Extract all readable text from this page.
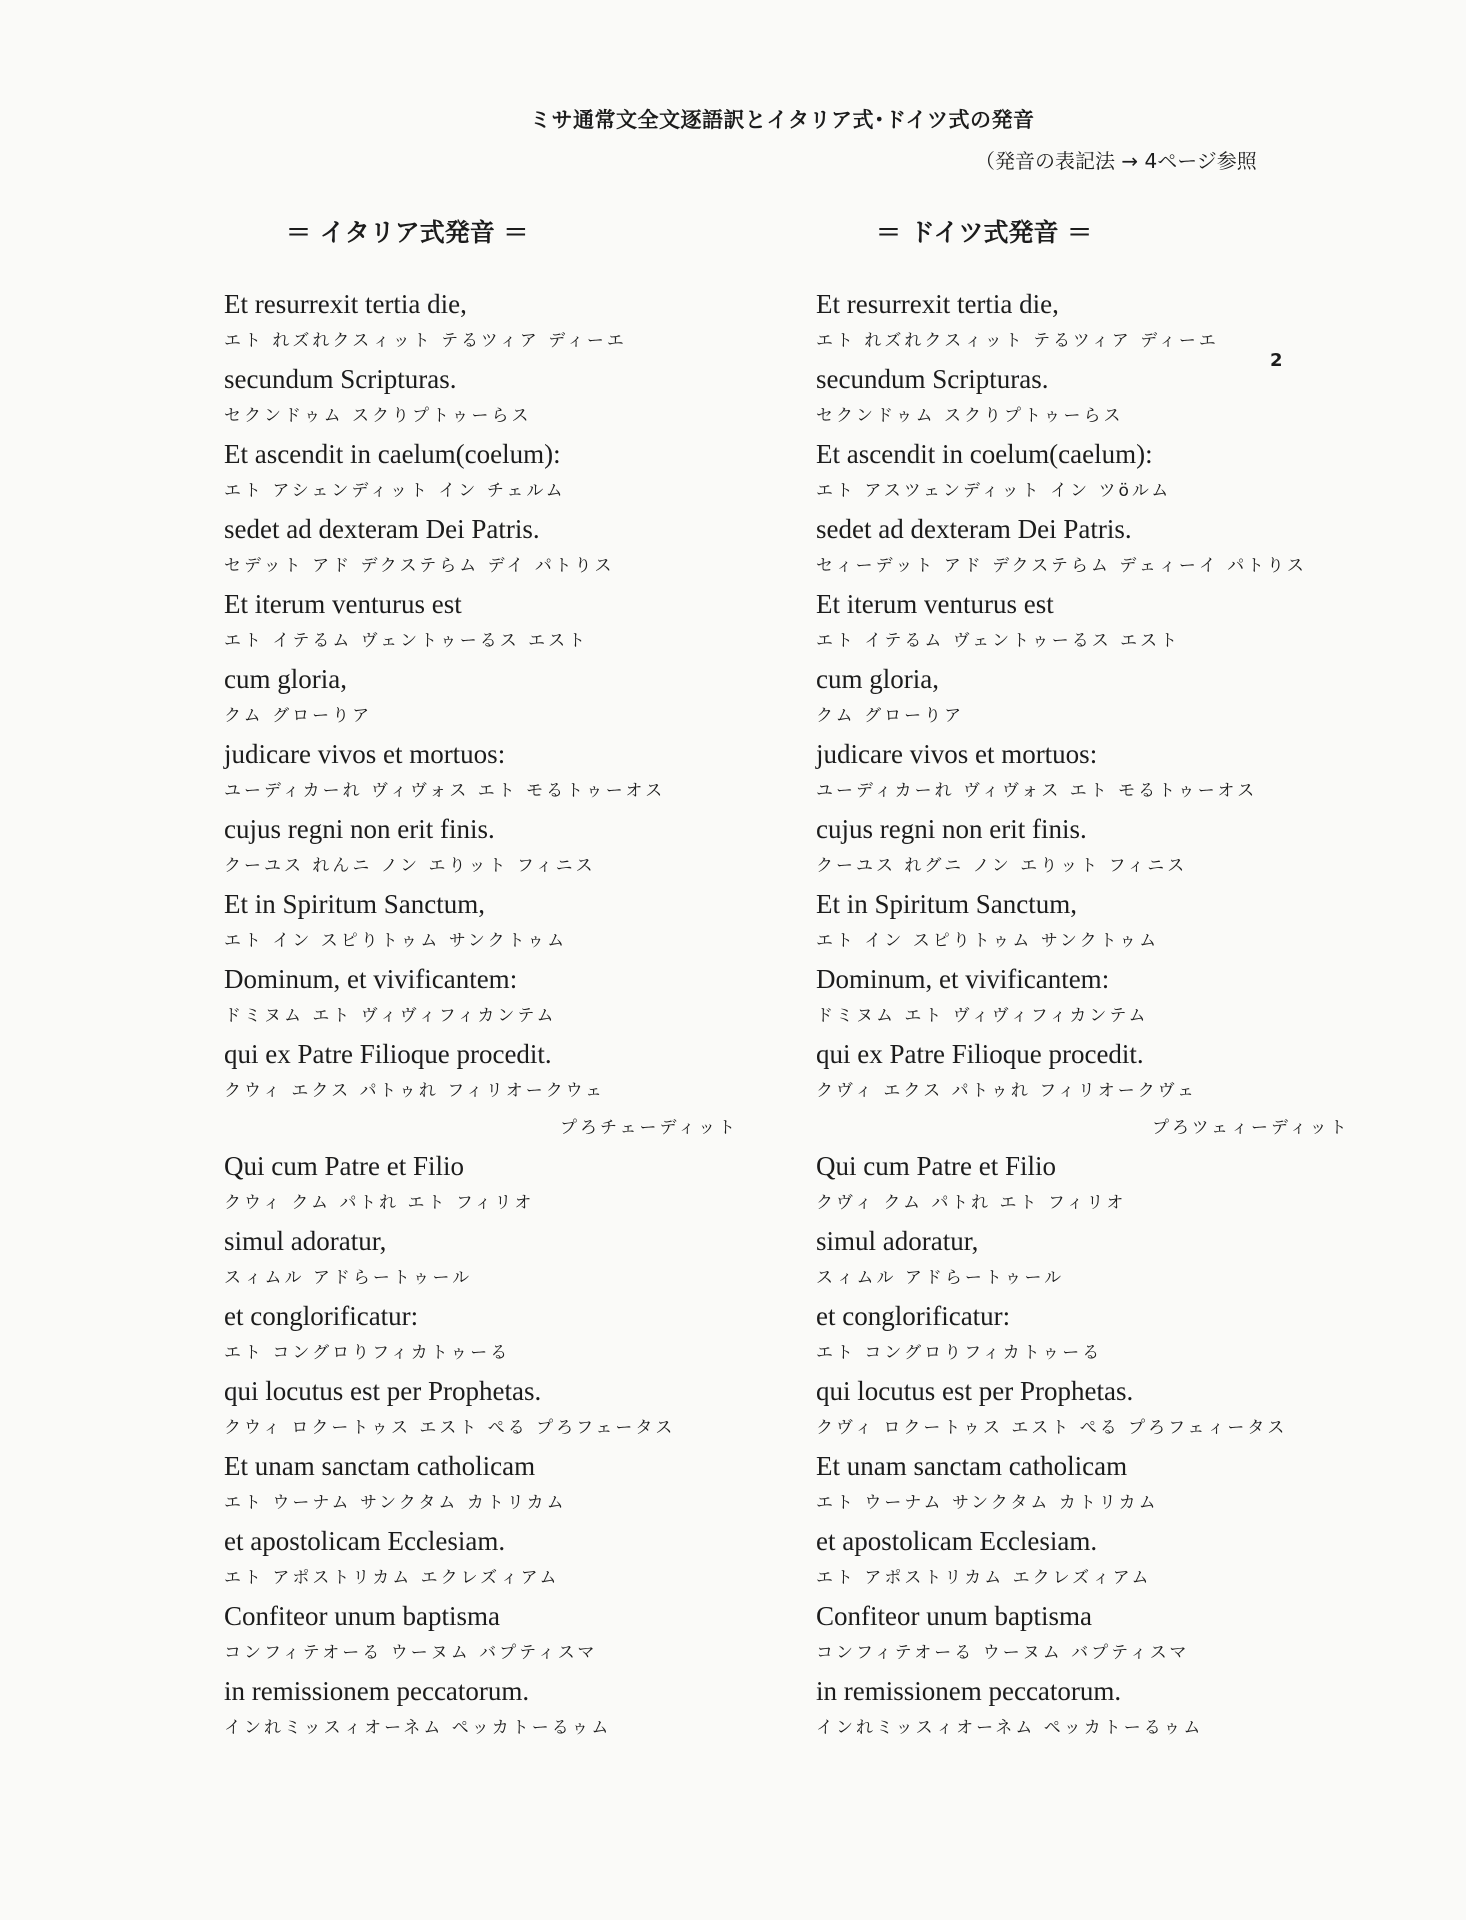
ミサ通常文全文逐語訳とイタリア式･ドイツ式の発音
（発音の表記法 → 4ページ参照
2
＝ イタリア式発音 ＝	＝ ドイツ式発音 ＝
Et resurrexit tertia die,
エト れズれクスィット テるツィア ディーエ
secundum Scripturas.
セクンドゥム スクりプトゥーらス
Et ascendit in caelum(coelum):
エト アシェンディット イン チェルム
sedet ad dexteram Dei Patris.
セデット アド デクステらム デイ パトりス
Et iterum venturus est
エト イテるム ヴェントゥーるス エスト
cum gloria,
クム グローりア
judicare vivos et mortuos:
ユーディカーれ ヴィヴォス エト モるトゥーオス
cujus regni non erit finis.
クーユス れんニ ノン エりット フィニス
Et in Spiritum Sanctum,
エト イン スピりトゥム サンクトゥム
Dominum, et vivificantem:
ドミヌム エト ヴィヴィフィカンテム
qui ex Patre Filioque procedit.
クウィ エクス パトゥれ フィリオークウェ
プろチェーディット
Qui cum Patre et Filio
クウィ クム パトれ エト フィリオ
simul adoratur,
スィムル アドらートゥール
et conglorificatur:
エト コングロりフィカトゥーる
qui locutus est per Prophetas.
クウィ ロクートゥス エスト ぺる プろフェータス
Et unam sanctam catholicam
エト ウーナム サンクタム カトリカム
et apostolicam Ecclesiam.
エト アポストリカム エクレズィアム
Confiteor unum baptisma
コンフィテオーる ウーヌム バプティスマ
in remissionem peccatorum.
インれミッスィオーネム ペッカトーるゥム
Et resurrexit tertia die,
エト れズれクスィット テるツィア ディーエ
secundum Scripturas.
セクンドゥム スクりプトゥーらス
Et ascendit in coelum(caelum):
エト アスツェンディット イン ツӧルム
sedet ad dexteram Dei Patris.
セィーデット アド デクステらム デェィーイ パトりス
Et iterum venturus est
エト イテるム ヴェントゥーるス エスト
cum gloria,
クム グローりア
judicare vivos et mortuos:
ユーディカーれ ヴィヴォス エト モるトゥーオス
cujus regni non erit finis.
クーユス れグニ ノン エりット フィニス
Et in Spiritum Sanctum,
エト イン スピりトゥム サンクトゥム
Dominum, et vivificantem:
ドミヌム エト ヴィヴィフィカンテム
qui ex Patre Filioque procedit.
クヴィ エクス パトゥれ フィリオークヴェ
プろツェィーディット
Qui cum Patre et Filio
クヴィ クム パトれ エト フィリオ
simul adoratur,
スィムル アドらートゥール
et conglorificatur:
エト コングロりフィカトゥーる
qui locutus est per Prophetas.
クヴィ ロクートゥス エスト ぺる プろフェィータス
Et unam sanctam catholicam
エト ウーナム サンクタム カトリカム
et apostolicam Ecclesiam.
エト アポストリカム エクレズィアム
Confiteor unum baptisma
コンフィテオーる ウーヌム バプティスマ
in remissionem peccatorum.
インれミッスィオーネム ペッカトーるゥム
